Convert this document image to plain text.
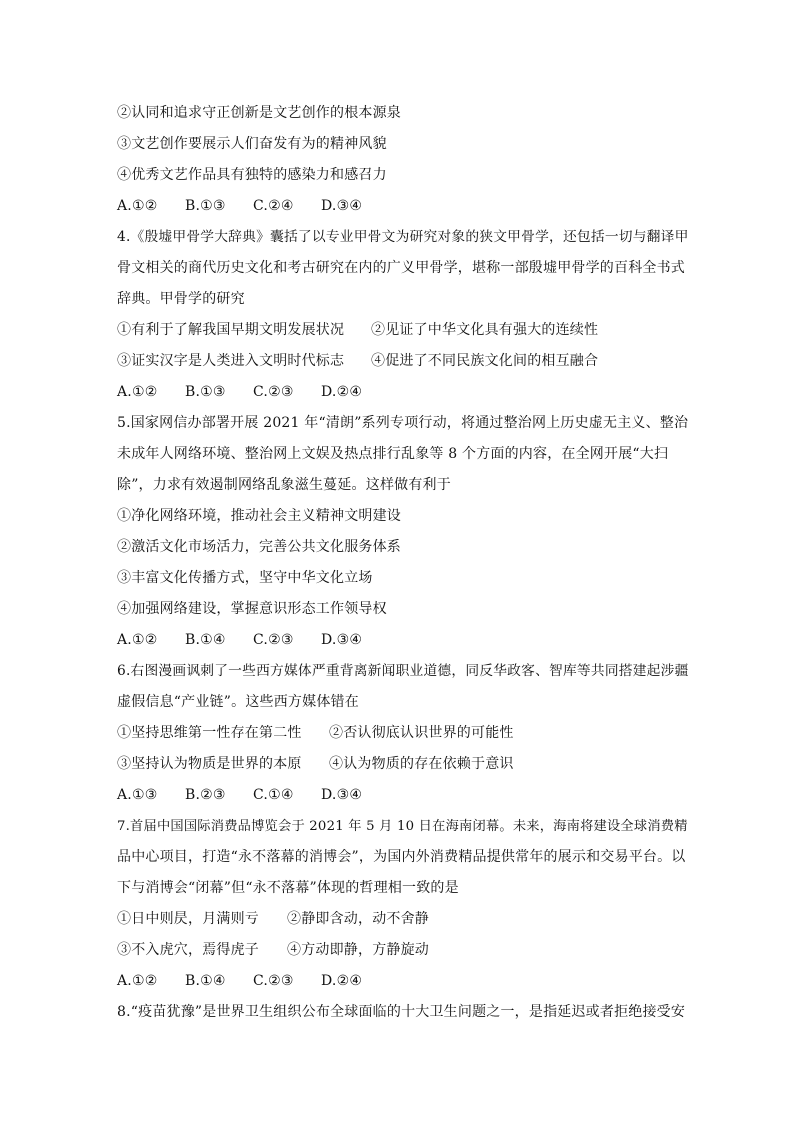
②认同和追求守正创新是文艺创作的根本源泉
③文艺创作要展示人们奋发有为的精神风貌
④优秀文艺作品具有独特的感染力和感召力
A.①②	B.①③	C.②④	D.③④
4.《殷墟甲骨学大辞典》囊括了以专业甲骨文为研究对象的狭文甲骨学，还包括一切与翻译甲
骨文相关的商代历史文化和考古研究在内的广义甲骨学，堪称一部殷墟甲骨学的百科全书式
辞典。甲骨学的研究
①有利于了解我国早期文明发展状况	②见证了中华文化具有强大的连续性
③证实汉字是人类进入文明时代标志	④促进了不同民族文化间的相互融合
A.①②	B.①③	C.②③	D.②④
5.国家网信办部署开展 2021 年“清朗”系列专项行动，将通过整治网上历史虚无主义、整治
未成年人网络环境、整治网上文娱及热点排行乱象等 8 个方面的内容，在全网开展“大扫
除”，力求有效遏制网络乱象滋生蔓延。这样做有利于
①净化网络环境，推动社会主义精神文明建设
②激活文化市场活力，完善公共文化服务体系
③丰富文化传播方式，坚守中华文化立场
④加强网络建设，掌握意识形态工作领导权
A.①②	B.①④	C.②③	D.③④
6.右图漫画讽刺了一些西方媒体严重背离新闻职业道德，同反华政客、智库等共同搭建起涉疆
虚假信息“产业链”。这些西方媒体错在
①坚持思维第一性存在第二性	②否认彻底认识世界的可能性
③坚持认为物质是世界的本原	④认为物质的存在依赖于意识
A.①③	B.②③	C.①④	D.③④
7.首届中国国际消费品博览会于 2021 年 5 月 10 日在海南闭幕。未来，海南将建设全球消费精
品中心项目，打造“永不落幕的消博会”，为国内外消费精品提供常年的展示和交易平台。以
下与消博会“闭幕”但“永不落幕”体现的哲理相一致的是
①日中则昃，月满则亏	②静即含动，动不舍静
③不入虎穴，焉得虎子	④方动即静，方静旋动
A.①②	B.①④	C.②③	D.②④
8.“疫苗犹豫”是世界卫生组织公布全球面临的十大卫生问题之一，是指延迟或者拒绝接受安
